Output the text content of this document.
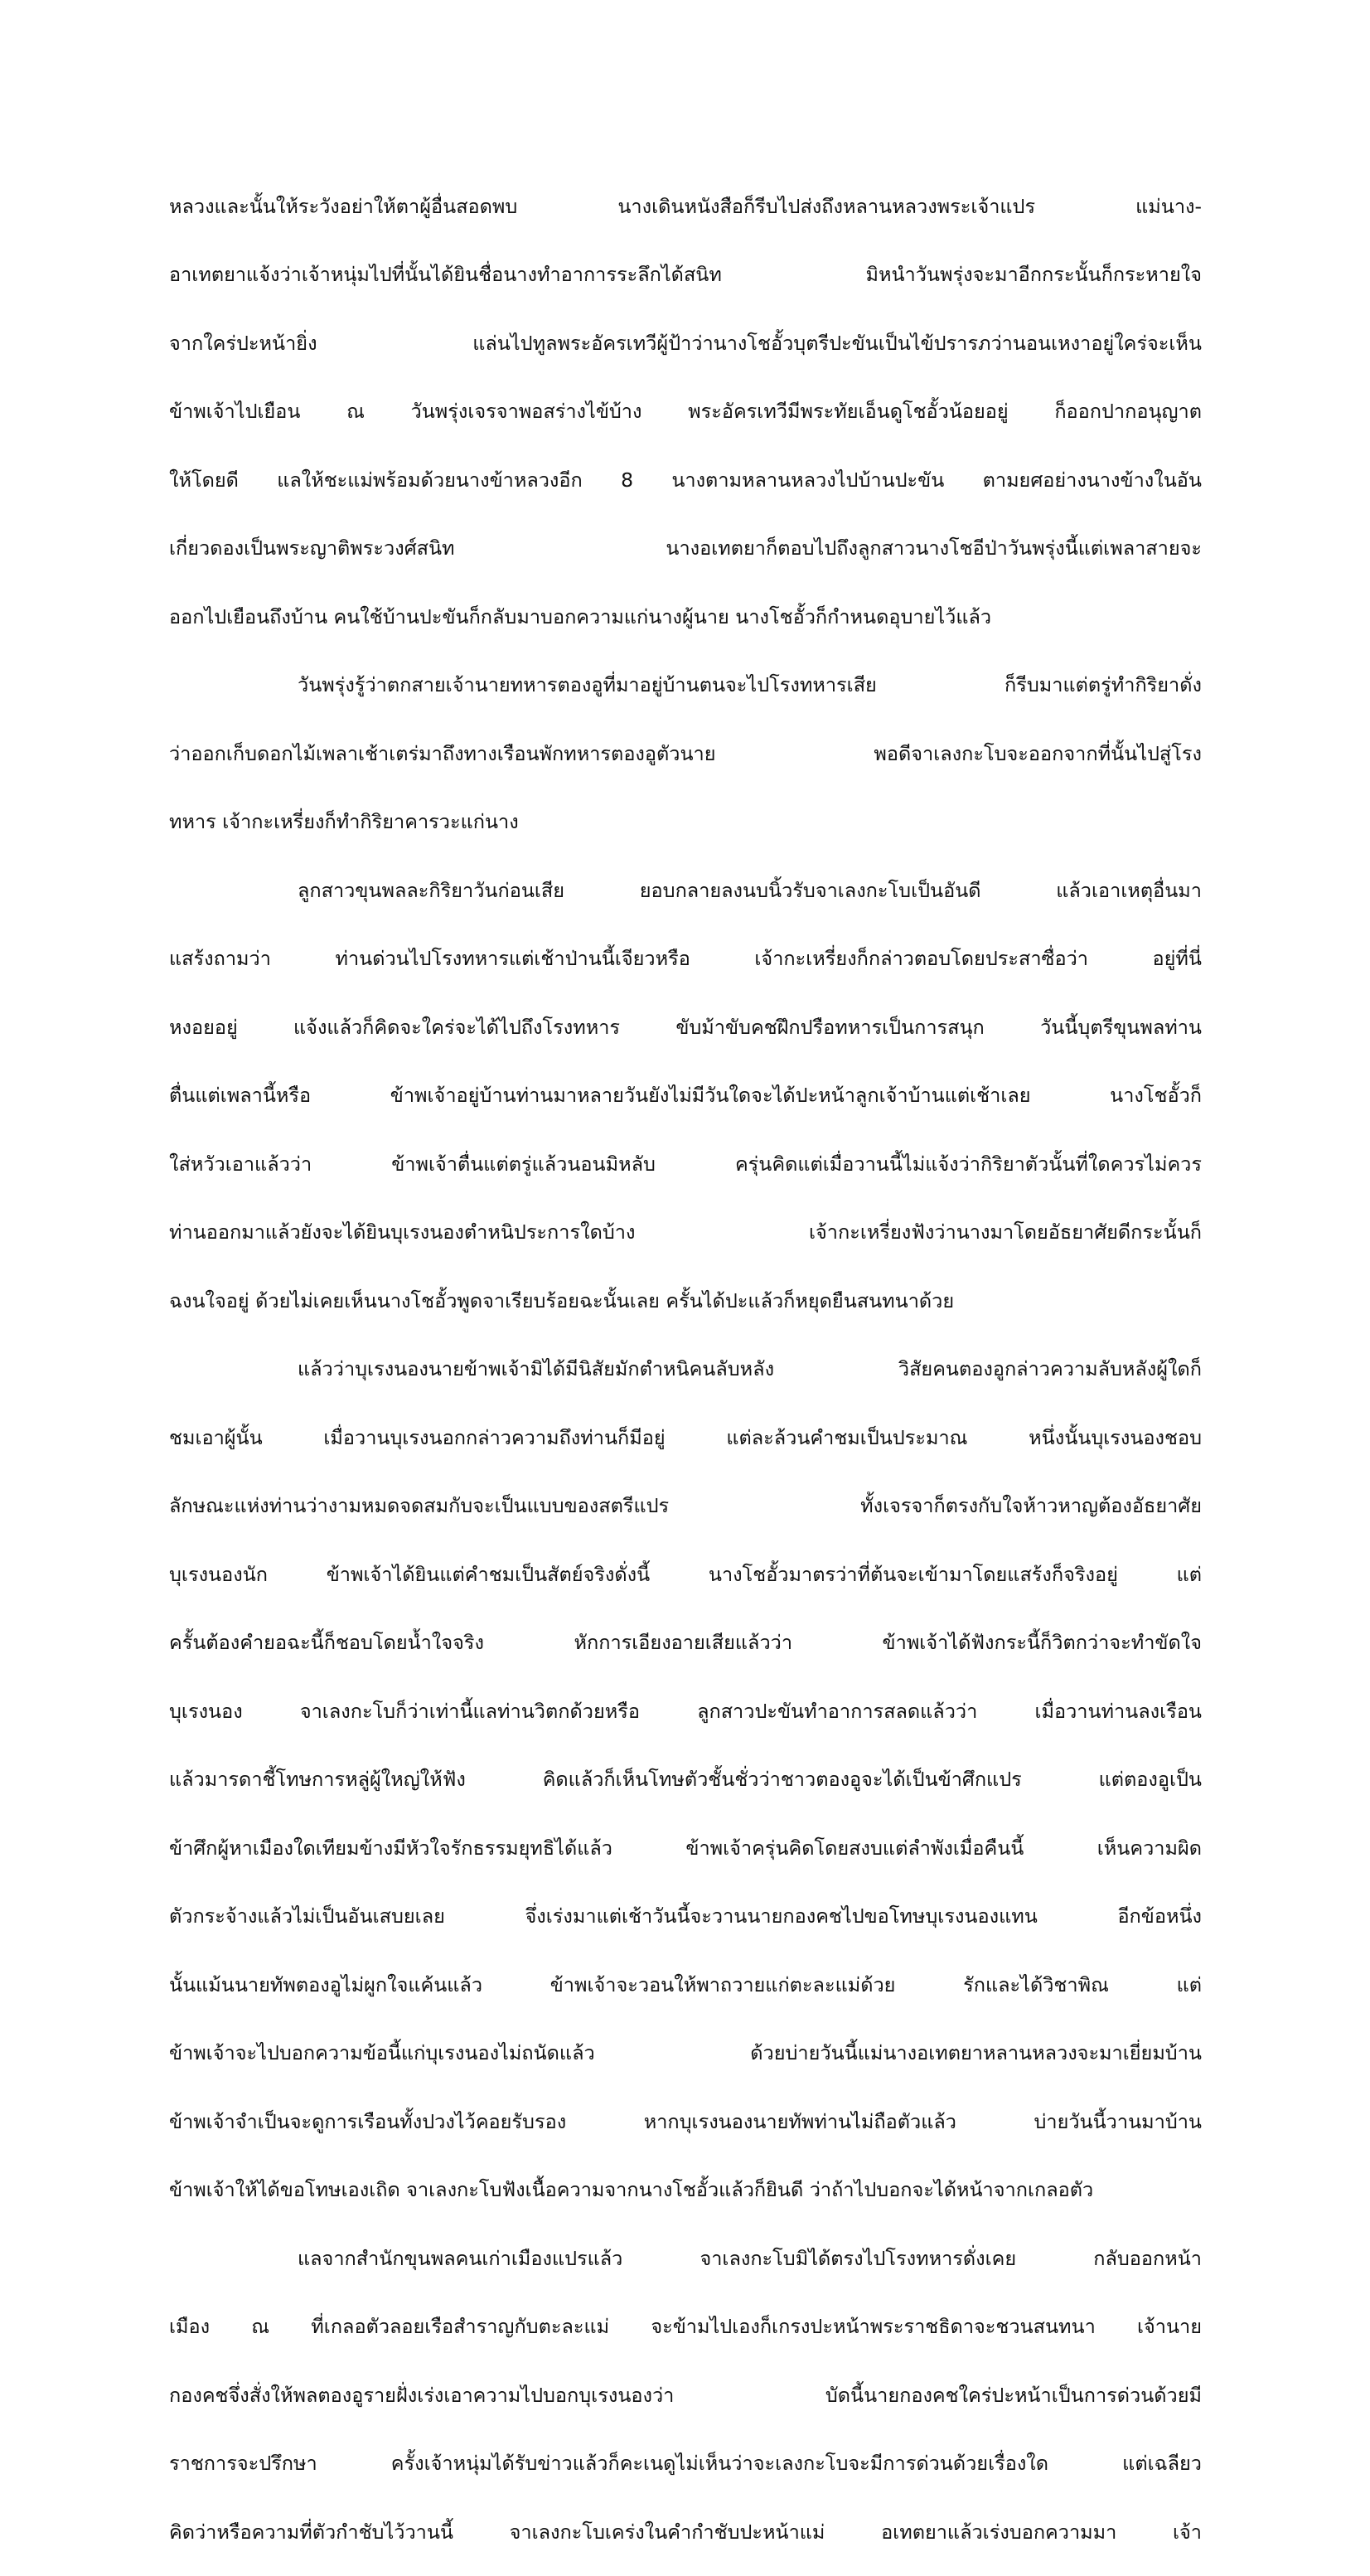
หลวงและนั้นให้ระวังอย่าให้ตาผู้อื่นสอดพบ นางเดินหนังสือก็รีบไปส่งถึงหลานหลวงพระเจ้าแปร แม่นาง-

อาเทตยาแจ้งว่าเจ้าหนุ่มไปที่นั้นได้ยินชื่อนางทำอาการระลึกได้สนิท มิหนำวันพรุ่งจะมาอีกกระนั้นก็กระหายใจ

จากใคร่ปะหน้ายิ่ง แล่นไปทูลพระอัครเทวีผู้ป้าว่านางโชอั้วบุตรีปะขันเป็นไข้ปรารภว่านอนเหงาอยู่ใคร่จะเห็น

ข้าพเจ้าไปเยือน ณ วันพรุ่งเจรจาพอสร่างไข้บ้าง พระอัครเทวีมีพระทัยเอ็นดูโชอั้วน้อยอยู่ ก็ออกปากอนุญาต

ให้โดยดี แลให้ชะแม่พร้อมด้วยนางข้าหลวงอีก 8 นางตามหลานหลวงไปบ้านปะขัน ตามยศอย่างนางข้างในอัน

เกี่ยวดองเป็นพระญาติพระวงศ์สนิท นางอเทตยาก็ตอบไปถึงลูกสาวนางโชอีป่าวันพรุ่งนี้แต่เพลาสายจะ

ออกไปเยือนถึงบ้าน คนใช้บ้านปะขันก็กลับมาบอกความแก่นางผู้นาย นางโชอั้วก็กำหนดอุบายไว้แล้ว

วันพรุ่งรู้ว่าตกสายเจ้านายทหารตองอูที่มาอยู่บ้านตนจะไปโรงทหารเสีย ก็รีบมาแต่ตรู่ทำกิริยาดั่ง

ว่าออกเก็บดอกไม้เพลาเช้าเตร่มาถึงทางเรือนพักทหารตองอูตัวนาย พอดีจาเลงกะโบจะออกจากที่นั้นไปสู่โรง

ทหาร เจ้ากะเหรี่ยงก็ทำกิริยาคารวะแก่นาง

ลูกสาวขุนพลละกิริยาวันก่อนเสีย ยอบกลายลงนบนิ้วรับจาเลงกะโบเป็นอันดี แล้วเอาเหตุอื่นมา

แสร้งถามว่า ท่านด่วนไปโรงทหารแต่เช้าป่านนี้เจียวหรือ เจ้ากะเหรี่ยงก็กล่าวตอบโดยประสาซื่อว่า อยู่ที่นี่

หงอยอยู่ แจ้งแล้วก็คิดจะใคร่จะได้ไปถึงโรงทหาร ขับม้าขับคชฝึกปรือทหารเป็นการสนุก วันนี้บุตรีขุนพลท่าน

ตื่นแต่เพลานี้หรือ ข้าพเจ้าอยู่บ้านท่านมาหลายวันยังไม่มีวันใดจะได้ปะหน้าลูกเจ้าบ้านแต่เช้าเลย นางโชอั้วก็

ใส่หวัวเอาแล้วว่า ข้าพเจ้าตื่นแต่ตรู่แล้วนอนมิหลับ ครุ่นคิดแต่เมื่อวานนี้ไม่แจ้งว่ากิริยาตัวนั้นที่ใดควรไม่ควร

ท่านออกมาแล้วยังจะได้ยินบุเรงนองตำหนิประการใดบ้าง เจ้ากะเหรี่ยงฟังว่านางมาโดยอัธยาศัยดีกระนั้นก็

ฉงนใจอยู่ ด้วยไม่เคยเห็นนางโชอั้วพูดจาเรียบร้อยฉะนั้นเลย ครั้นได้ปะแล้วก็หยุดยืนสนทนาด้วย

แล้วว่าบุเรงนองนายข้าพเจ้ามิได้มีนิสัยมักตำหนิคนลับหลัง วิสัยคนตองอูกล่าวความลับหลังผู้ใดก็

ชมเอาผู้นั้น เมื่อวานบุเรงนอกกล่าวความถึงท่านก็มีอยู่ แต่ละล้วนคำชมเป็นประมาณ หนึ่งนั้นบุเรงนองชอบ

ลักษณะแห่งท่านว่างามหมดจดสมกับจะเป็นแบบของสตรีแปร ทั้งเจรจาก็ตรงกับใจห้าวหาญต้องอัธยาศัย

บุเรงนองนัก ข้าพเจ้าได้ยินแต่คำชมเป็นสัตย์จริงดั่งนี้ นางโชอั้วมาตรว่าที่ต้นจะเข้ามาโดยแสร้งก็จริงอยู่ แต่

ครั้นต้องคำยอฉะนี้ก็ชอบโดยน้ำใจจริง หักการเอียงอายเสียแล้วว่า ข้าพเจ้าได้ฟังกระนี้ก็วิตกว่าจะทำขัดใจ

บุเรงนอง จาเลงกะโบก็ว่าเท่านี้แลท่านวิตกด้วยหรือ ลูกสาวปะขันทำอาการสลดแล้วว่า เมื่อวานท่านลงเรือน

แล้วมารดาชี้โทษการหลู่ผู้ใหญ่ให้ฟัง คิดแล้วก็เห็นโทษตัวชั้นชั่วว่าชาวตองอูจะได้เป็นข้าศึกแปร แต่ตองอูเป็น

ข้าศึกผู้หาเมืองใดเทียมข้างมีหัวใจรักธรรมยุทธิได้แล้ว ข้าพเจ้าครุ่นคิดโดยสงบแต่ลำพังเมื่อคืนนี้ เห็นความผิด

ตัวกระจ้างแล้วไม่เป็นอันเสบยเลย จึ่งเร่งมาแต่เช้าวันนี้จะวานนายกองคชไปขอโทษบุเรงนองแทน อีกข้อหนึ่ง

นั้นแม้นนายทัพตองอูไม่ผูกใจแค้นแล้ว ข้าพเจ้าจะวอนให้พาถวายแก่ตะละแม่ด้วย รักและได้วิชาพิณ แต่

ข้าพเจ้าจะไปบอกความข้อนี้แก่บุเรงนองไม่ถนัดแล้ว ด้วยบ่ายวันนี้แม่นางอเทตยาหลานหลวงจะมาเยี่ยมบ้าน

ข้าพเจ้าจำเป็นจะดูการเรือนทั้งปวงไว้คอยรับรอง หากบุเรงนองนายทัพท่านไม่ถือตัวแล้ว บ่ายวันนี้วานมาบ้าน

ข้าพเจ้าให้ได้ขอโทษเองเถิด จาเลงกะโบฟังเนื้อความจากนางโชอั้วแล้วก็ยินดี ว่าถ้าไปบอกจะได้หน้าจากเกลอตัว

แลจากสำนักขุนพลคนเก่าเมืองแปรแล้ว จาเลงกะโบมิได้ตรงไปโรงทหารดั่งเคย กลับออกหน้า

เมือง ณ ที่เกลอตัวลอยเรือสำราญกับตะละแม่ จะข้ามไปเองก็เกรงปะหน้าพระราชธิดาจะชวนสนทนา เจ้านาย

กองคชจึ่งสั่งให้พลตองอูรายฝั่งเร่งเอาความไปบอกบุเรงนองว่า บัดนี้นายกองคชใคร่ปะหน้าเป็นการด่วนด้วยมี

ราชการจะปรึกษา ครั้งเจ้าหนุ่มได้รับข่าวแล้วก็คะเนดูไม่เห็นว่าจะเลงกะโบจะมีการด่วนด้วยเรื่องใด แต่เฉลียว

คิดว่าหรือความที่ตัวกำชับไว้วานนี้ จาเลงกะโบเคร่งในคำกำชับปะหน้าแม่ อเทตยาแล้วเร่งบอกความมา เจ้า
